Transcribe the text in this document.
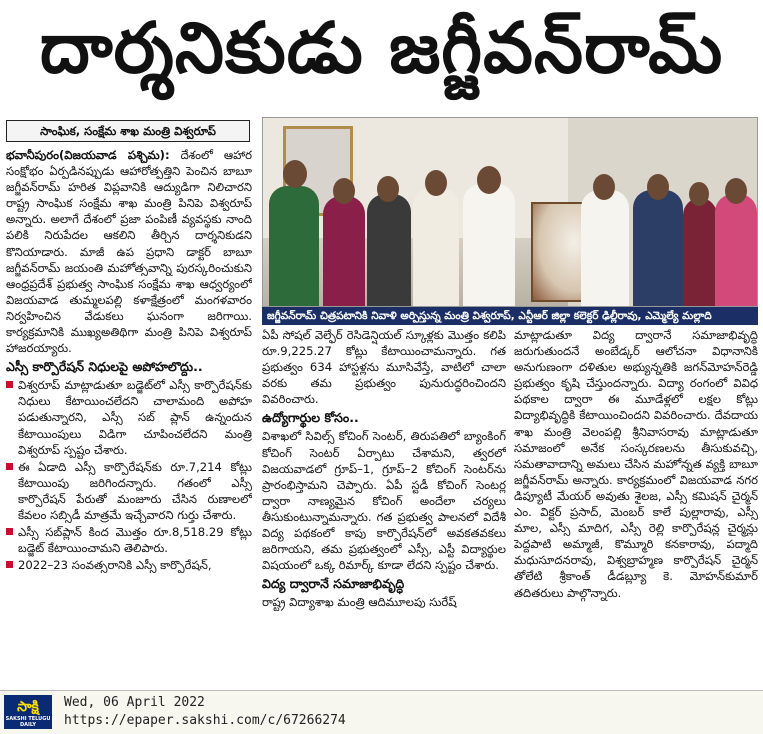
దార్శనికుడు జగ్జీవన్‌రామ్
సాంఘిక, సంక్షేమ శాఖ మంత్రి విశ్వరూప్

భవానీపురం(విజయవాడ పశ్చిమ): దేశంలో ఆహార సంక్షోభం ఏర్పడినప్పుడు ఆహారోత్పత్తిని పెంచిన బాబూ జగ్జీవన్‌రామ్ హరిత విప్లవానికి ఆద్యుడిగా నిలిచారని రాష్ట్ర సాంఘిక సంక్షేమ శాఖ మంత్రి పినిపె విశ్వరూప్ అన్నారు. అలాగే దేశంలో ప్రజా పంపిణీ వ్యవస్థకు నాంది పలికి నిరుపేదల ఆకలిని తీర్చిన దార్శనికుడని కొనియాడారు. మాజీ ఉప ప్రధాని డాక్టర్ బాబూ జగ్జీవన్‌రామ్ జయంతి మహోత్సవాన్ని పురస్కరించుకుని ఆంధ్రప్రదేశ్ ప్రభుత్వ సాంఘిక సంక్షేమ శాఖ ఆధ్వర్యంలో విజయవాడ తుమ్మలపల్లి కళాక్షేత్రంలో మంగళవారం నిర్వహించిన వేడుకలు ఘనంగా జరిగాయి. కార్యక్రమానికి ముఖ్యఅతిథిగా మంత్రి పినిపె విశ్వరూప్ హాజరయ్యారు.

ఎస్సీ కార్పొరేషన్ నిధులపై అపోహలొద్దు..
విశ్వరూప్ మాట్లాడుతూ బడ్జెట్‌లో ఎస్సీ కార్పొరేషన్‌కు నిధులు కేటాయించలేదని చాలామంది అపోహ పడుతున్నారని, ఎస్సీ సబ్ ప్లాన్ ఉన్నందున కేటాయింపులు విడిగా చూపించలేదని మంత్రి విశ్వరూప్ స్పష్టం చేశారు.
ఈ ఏడాది ఎస్సీ కార్పొరేషన్‌కు రూ.7,214 కోట్లు కేటాయింపు జరిగిందన్నారు. గతంలో ఎస్సీ కార్పొరేషన్ పేరుతో మంజూరు చేసిన రుణాలలో కేవలం సబ్సిడీ మాత్రమే ఇచ్చేవారని గుర్తు చేశారు.
ఎస్సీ సబ్‌ప్లాన్ కింద మొత్తం రూ.8,518.29 కోట్లు బడ్జెట్ కేటాయించామని తెలిపారు.
2022–23 సంవత్సరానికి ఎస్సీ కార్పొరేషన్,
జగ్జీవన్‌రామ్ చిత్రపటానికి నివాళి అర్పిస్తున్న మంత్రి విశ్వరూప్, ఎన్టీఆర్ జిల్లా కలెక్టర్ ఢిల్లీరావు, ఎమ్మెల్యే మల్లాది

ఏపీ సోషల్ వెల్ఫేర్ రెసిడెన్షియల్ స్కూళ్లకు మొత్తం కలిపి రూ.9,225.27 కోట్లు కేటాయించామన్నారు. గత ప్రభుత్వం 634 హాస్టళ్లను మూసివేస్తే, వాటిలో చాలా వరకు తమ ప్రభుత్వం పునురుద్ధరించిందని వివరించారు.

ఉద్యోగార్థుల కోసం..

విశాఖలో సివిల్స్ కోచింగ్ సెంటర్, తిరుపతిలో బ్యాంకింగ్ కోచింగ్ సెంటర్ ఏర్పాటు చేశామని, త్వరలో విజయవాడలో గ్రూప్–1, గ్రూప్–2 కోచింగ్ సెంటర్‌ను ప్రారంభిస్తామని చెప్పారు. ఏపీ స్టడీ కోచింగ్ సెంటర్ల ద్వారా నాణ్యమైన కోచింగ్ అందేలా చర్యలు తీసుకుంటున్నామన్నారు. గత ప్రభుత్వ పాలనలో విదేశీ విద్య పథకంలో కాపు కార్పొరేషన్‌లో అవకతవకలు జరిగాయని, తమ ప్రభుత్వంలో ఎస్సీ, ఎస్టీ విద్యార్థుల విషయంలో ఒక్క రిమార్క్ కూడా లేదని స్పష్టం చేశారు.

విద్య ద్వారానే సమాజాభివృద్ధి

రాష్ట్ర విద్యాశాఖ మంత్రి ఆదిమూలపు సురేష్

మాట్లాడుతూ విద్య ద్వారానే సమాజాభివృద్ధి జరుగుతుందనే అంబేడ్కర్ ఆలోచనా విధానానికి అనుగుణంగా దళితుల అభ్యున్నతికి జగన్‌మోహన్‌రెడ్డి ప్రభుత్వం కృషి చేస్తుందన్నారు. విద్యా రంగంలో వివిధ పథకాల ద్వారా ఈ మూడేళ్లలో లక్షల కోట్లు విద్యాభివృద్ధికి కేటాయించిందని వివరించారు. దేవదాయ శాఖ మంత్రి వెలంపల్లి శ్రీనివాసరావు మాట్లాడుతూ సమాజంలో అనేక సంస్కరణలను తీసుకువచ్చి, సమతావాదాన్ని అమలు చేసిన మహోన్నత వ్యక్తి బాబూ జగ్జీవన్‌రామ్ అన్నారు. కార్యక్రమంలో విజయవాడ నగర డిప్యూటీ మేయర్ అవుతు శైలజ, ఎస్సీ కమిషన్ చైర్మన్ ఎం. విక్టర్ ప్రసాద్, మెంబర్ కాలే పుల్లారావు, ఎస్సీ మాల, ఎస్సీ మాదిగ, ఎస్సీ రెల్లి కార్పొరేషన్ల చైర్మన్లు పెద్దపాటి అమ్మాజీ, కొమ్మూరి కనకారావు, పద్మాది మధుసూదనరావు, విశ్వబ్రాహ్మణ కార్పొరేషన్ చైర్మన్ తోలేటి శ్రీకాంత్ డీడబ్ల్యూ కె. మోహన్‌కుమార్ తదితరులు పాల్గొన్నారు.

సాక్షి
SAKSHI TELUGU DAILY
Wed, 06 April 2022
https://epaper.sakshi.com/c/67266274
